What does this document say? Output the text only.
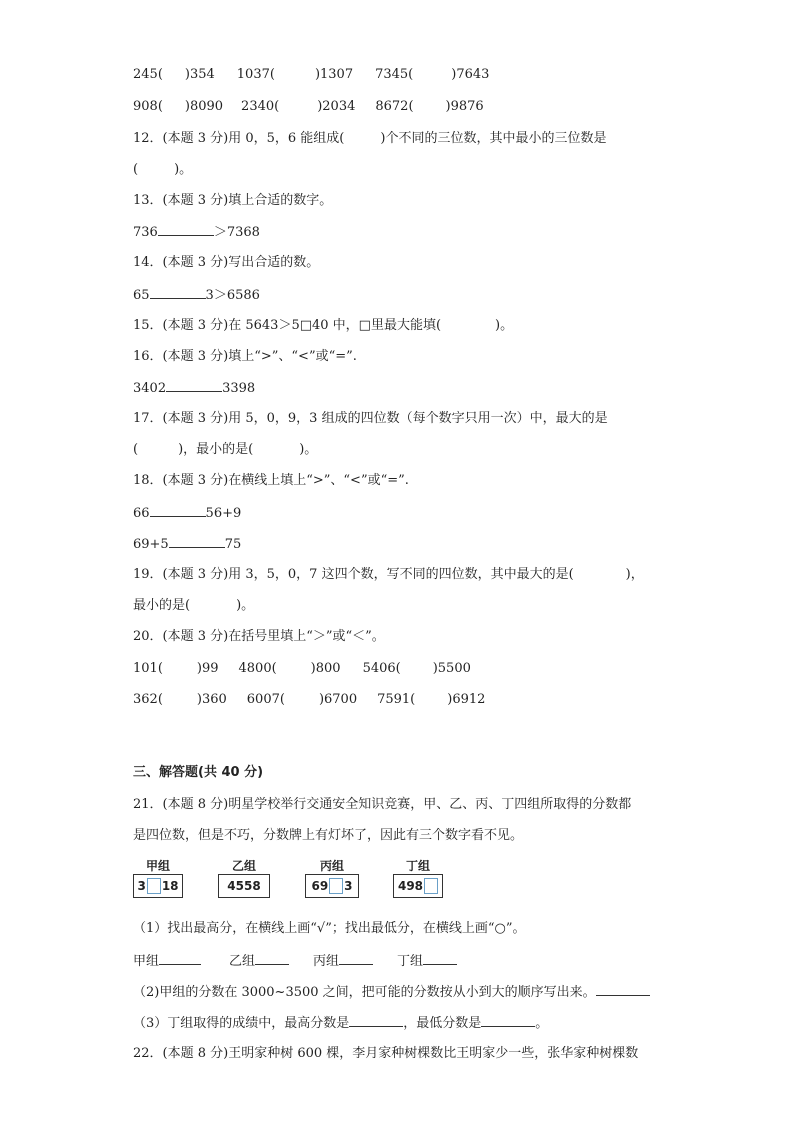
245( )354 1037(	)1307 7345(	)7643
908( )8090 2340(	)2034 8672( )9876
12．(本题 3 分)用 0，5，6 能组成(	)个不同的三位数，其中最小的三位数是
(	)。
13．(本题 3 分)填上合适的数字。
736	＞7368
14．(本题 3 分)写出合适的数。
65	3＞6586
15．(本题 3 分)在 5643＞5□40 中，□里最大能填(	)。
16．(本题 3 分)填上“>”、“<”或“=”.
3402	3398
17．(本题 3 分)用 5，0，9，3 组成的四位数（每个数字只用一次）中，最大的是
(	)，最小的是(	)。
18．(本题 3 分)在横线上填上“>”、“<”或“=”.
66	56+9
69+5	75
19．(本题 3 分)用 3，5，0，7 这四个数，写不同的四位数，其中最大的是(	)，
最小的是(	)。
20．(本题 3 分)在括号里填上“＞”或“＜”。
101(	)99 4800(	)800 5406( )5500
362(	)360 6007(	)6700 7591( )6912
三、解答题(共 40 分)
21．(本题 8 分)明星学校举行交通安全知识竞赛，甲、乙、丙、丁四组所取得的分数都
是四位数，但是不巧，分数牌上有灯坏了，因此有三个数字看不见。
甲组
3 18
乙组
4558
丙组
69 3
丁组
498
（1）找出最高分，在横线上画“√”；找出最低分，在横线上画“○”。
甲组	乙组	丙组	丁组
（2)甲组的分数在 3000~3500 之间，把可能的分数按从小到大的顺序写出来。
（3）丁组取得的成绩中，最高分数是	，最低分数是	。
22．(本题 8 分)王明家种树 600 棵，李月家种树棵数比王明家少一些，张华家种树棵数
